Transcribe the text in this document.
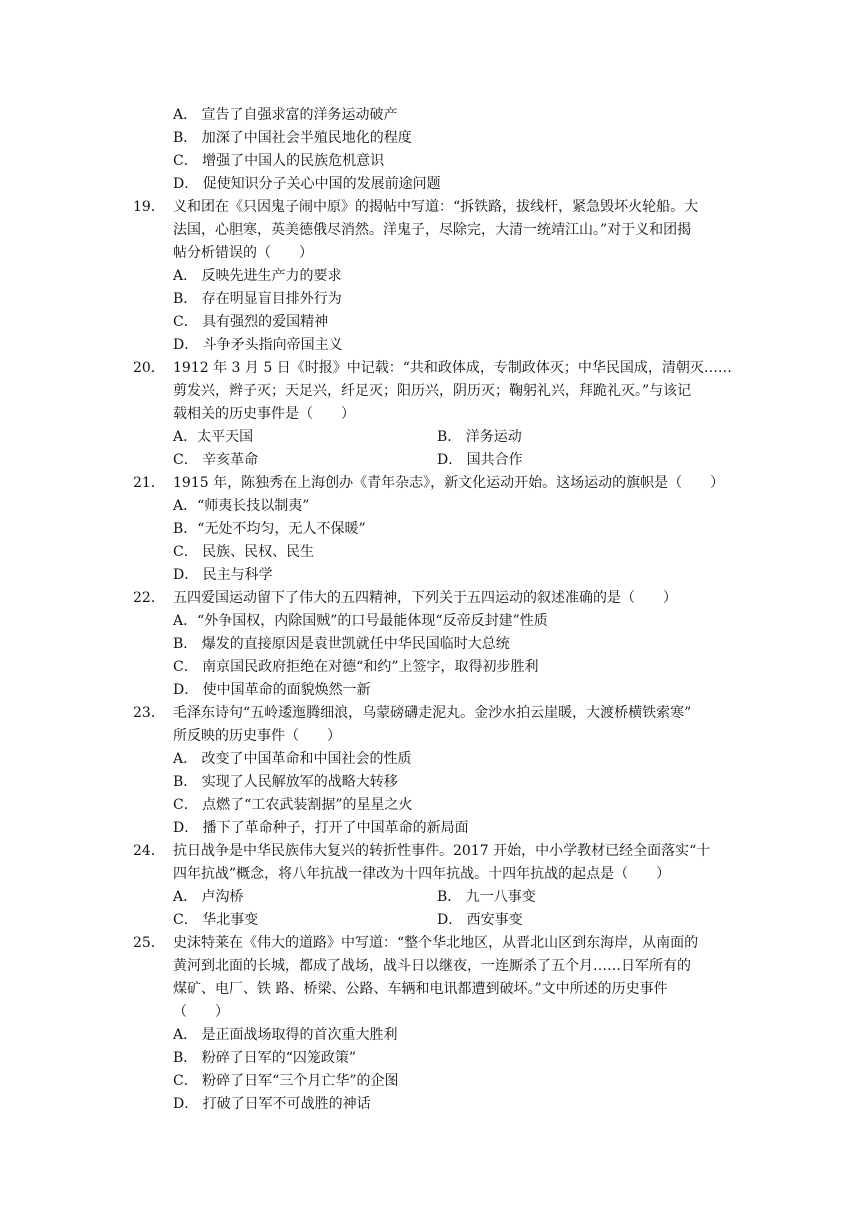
A． 宣告了自强求富的洋务运动破产
B． 加深了中国社会半殖民地化的程度
C． 增强了中国人的民族危机意识
D． 促使知识分子关心中国的发展前途问题
19． 义和团在《只因鬼子闹中原》的揭帖中写道：“拆铁路，拔线杆，紧急毁坏火轮船。大
法国，心胆寒，英美德俄尽消然。洋鬼子，尽除完，大清一统靖江山。”对于义和团揭
帖分析错误的（　　）
A． 反映先进生产力的要求
B． 存在明显盲目排外行为
C． 具有强烈的爱国精神
D． 斗争矛头指向帝国主义
20． 1912 年 3 月 5 日《时报》中记载：“共和政体成，专制政体灭；中华民国成，清朝灭……
剪发兴，辫子灭；天足兴，纤足灭；阳历兴，阴历灭；鞠躬礼兴，拜跪礼灭。”与该记
载相关的历史事件是（　　）
A．太平天国	B． 洋务运动
C． 辛亥革命	D． 国共合作
21． 1915 年，陈独秀在上海创办《青年杂志》，新文化运动开始。这场运动的旗帜是（　　）
A．“师夷长技以制夷”
B．“无处不均匀，无人不保暖”
C． 民族、民权、民生
D． 民主与科学
22． 五四爱国运动留下了伟大的五四精神，下列关于五四运动的叙述准确的是（　　）
A．“外争国权，内除国贼”的口号最能体现“反帝反封建”性质
B． 爆发的直接原因是袁世凯就任中华民国临时大总统
C． 南京国民政府拒绝在对德“和约”上签字，取得初步胜利
D． 使中国革命的面貌焕然一新
23． 毛泽东诗句“五岭逶迤腾细浪，乌蒙磅礴走泥丸。金沙水拍云崖暖，大渡桥横铁索寒”
所反映的历史事件（　　）
A． 改变了中国革命和中国社会的性质
B． 实现了人民解放军的战略大转移
C． 点燃了“工农武装割据”的星星之火
D． 播下了革命种子，打开了中国革命的新局面
24． 抗日战争是中华民族伟大复兴的转折性事件。2017 开始，中小学教材已经全面落实“十
四年抗战”概念，将八年抗战一律改为十四年抗战。十四年抗战的起点是（　　）
A． 卢沟桥	B． 九一八事变
C． 华北事变	D． 西安事变
25． 史沫特莱在《伟大的道路》中写道：“整个华北地区，从晋北山区到东海岸，从南面的
黄河到北面的长城，都成了战场，战斗日以继夜，一连厮杀了五个月……日军所有的
煤矿、电厂、铁 路、桥梁、公路、车辆和电讯都遭到破坏。”文中所述的历史事件
（　　）
A． 是正面战场取得的首次重大胜利
B． 粉碎了日军的“囚笼政策”
C． 粉碎了日军“三个月亡华”的企图
D． 打破了日军不可战胜的神话
